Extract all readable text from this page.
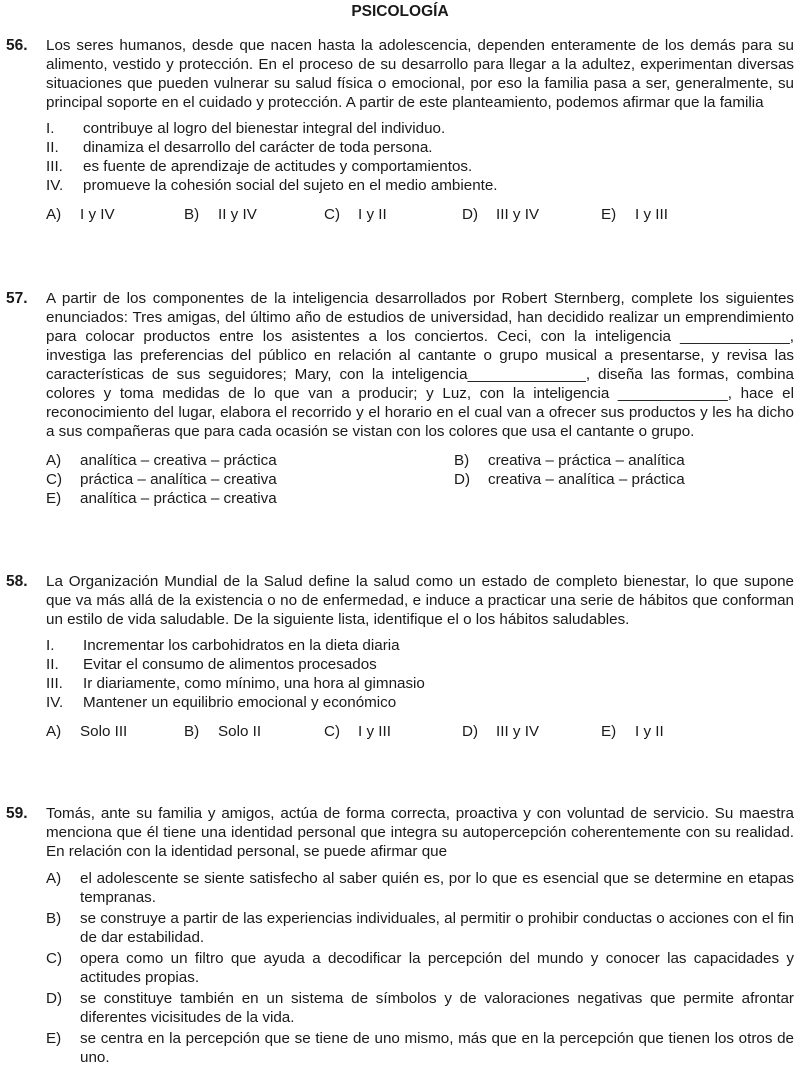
PSICOLOGÍA
56. Los seres humanos, desde que nacen hasta la adolescencia, dependen enteramente de los demás para su alimento, vestido y protección. En el proceso de su desarrollo para llegar a la adultez, experimentan diversas situaciones que pueden vulnerar su salud física o emocional, por eso la familia pasa a ser, generalmente, su principal soporte en el cuidado y protección. A partir de este planteamiento, podemos afirmar que la familia
I. contribuye al logro del bienestar integral del individuo.
II. dinamiza el desarrollo del carácter de toda persona.
III. es fuente de aprendizaje de actitudes y comportamientos.
IV. promueve la cohesión social del sujeto en el medio ambiente.
A) I y IV	B) II y IV	C) I y II	D) III y IV	E) I y III
57. A partir de los componentes de la inteligencia desarrollados por Robert Sternberg, complete los siguientes enunciados: Tres amigas, del último año de estudios de universidad, han decidido realizar un emprendimiento para colocar productos entre los asistentes a los conciertos. Ceci, con la inteligencia _____________, investiga las preferencias del público en relación al cantante o grupo musical a presentarse, y revisa las características de sus seguidores; Mary, con la inteligencia______________, diseña las formas, combina colores y toma medidas de lo que van a producir; y Luz, con la inteligencia _____________, hace el reconocimiento del lugar, elabora el recorrido y el horario en el cual van a ofrecer sus productos y les ha dicho a sus compañeras que para cada ocasión se vistan con los colores que usa el cantante o grupo.
A) analítica – creativa – práctica	B) creativa – práctica – analítica
C) práctica – analítica – creativa	D) creativa – analítica – práctica
E) analítica – práctica – creativa
58. La Organización Mundial de la Salud define la salud como un estado de completo bienestar, lo que supone que va más allá de la existencia o no de enfermedad, e induce a practicar una serie de hábitos que conforman un estilo de vida saludable. De la siguiente lista, identifique el o los hábitos saludables.
I. Incrementar los carbohidratos en la dieta diaria
II. Evitar el consumo de alimentos procesados
III. Ir diariamente, como mínimo, una hora al gimnasio
IV. Mantener un equilibrio emocional y económico
A) Solo III	B) Solo II	C) I y III	D) III y IV	E) I y II
59. Tomás, ante su familia y amigos, actúa de forma correcta, proactiva y con voluntad de servicio. Su maestra menciona que él tiene una identidad personal que integra su autopercepción coherentemente con su realidad. En relación con la identidad personal, se puede afirmar que
A) el adolescente se siente satisfecho al saber quién es, por lo que es esencial que se determine en etapas tempranas.
B) se construye a partir de las experiencias individuales, al permitir o prohibir conductas o acciones con el fin de dar estabilidad.
C) opera como un filtro que ayuda a decodificar la percepción del mundo y conocer las capacidades y actitudes propias.
D) se constituye también en un sistema de símbolos y de valoraciones negativas que permite afrontar diferentes vicisitudes de la vida.
E) se centra en la percepción que se tiene de uno mismo, más que en la percepción que tienen los otros de uno.
